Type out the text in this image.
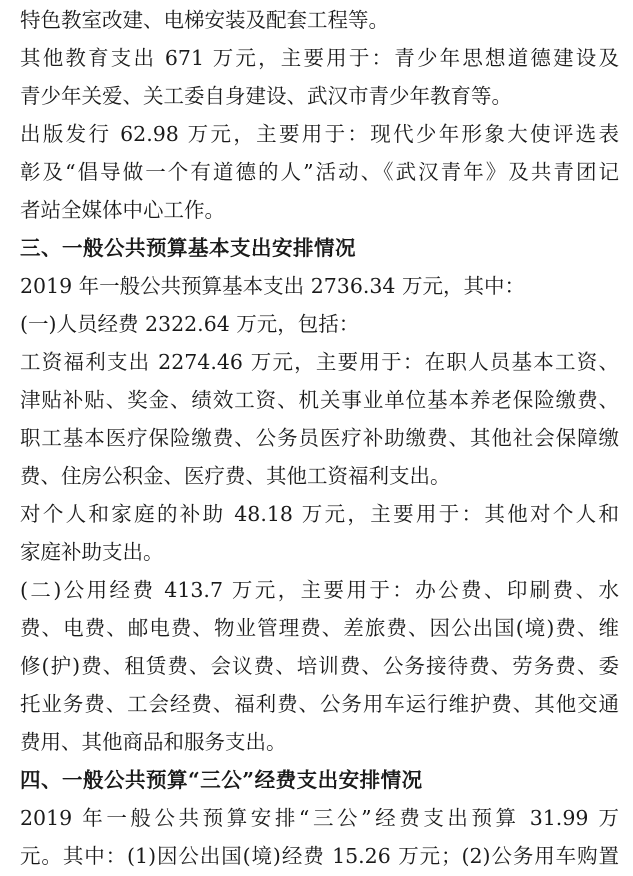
特色教室改建、电梯安装及配套工程等。
其他教育支出 671 万元，主要用于：青少年思想道德建设及
青少年关爱、关工委自身建设、武汉市青少年教育等。
出版发行 62.98 万元，主要用于：现代少年形象大使评选表
彰及“倡导做一个有道德的人”活动、《武汉青年》及共青团记
者站全媒体中心工作。
三、一般公共预算基本支出安排情况
2019 年一般公共预算基本支出 2736.34 万元，其中：
(一)人员经费 2322.64 万元，包括：
工资福利支出 2274.46 万元，主要用于：在职人员基本工资、
津贴补贴、奖金、绩效工资、机关事业单位基本养老保险缴费、
职工基本医疗保险缴费、公务员医疗补助缴费、其他社会保障缴
费、住房公积金、医疗费、其他工资福利支出。
对个人和家庭的补助 48.18 万元，主要用于：其他对个人和
家庭补助支出。
(二)公用经费 413.7 万元，主要用于：办公费、印刷费、水
费、电费、邮电费、物业管理费、差旅费、因公出国(境)费、维
修(护)费、租赁费、会议费、培训费、公务接待费、劳务费、委
托业务费、工会经费、福利费、公务用车运行维护费、其他交通
费用、其他商品和服务支出。
四、一般公共预算“三公”经费支出安排情况
2019 年一般公共预算安排“三公”经费支出预算 31.99 万
元。其中：(1)因公出国(境)经费 15.26 万元；(2)公务用车购置
